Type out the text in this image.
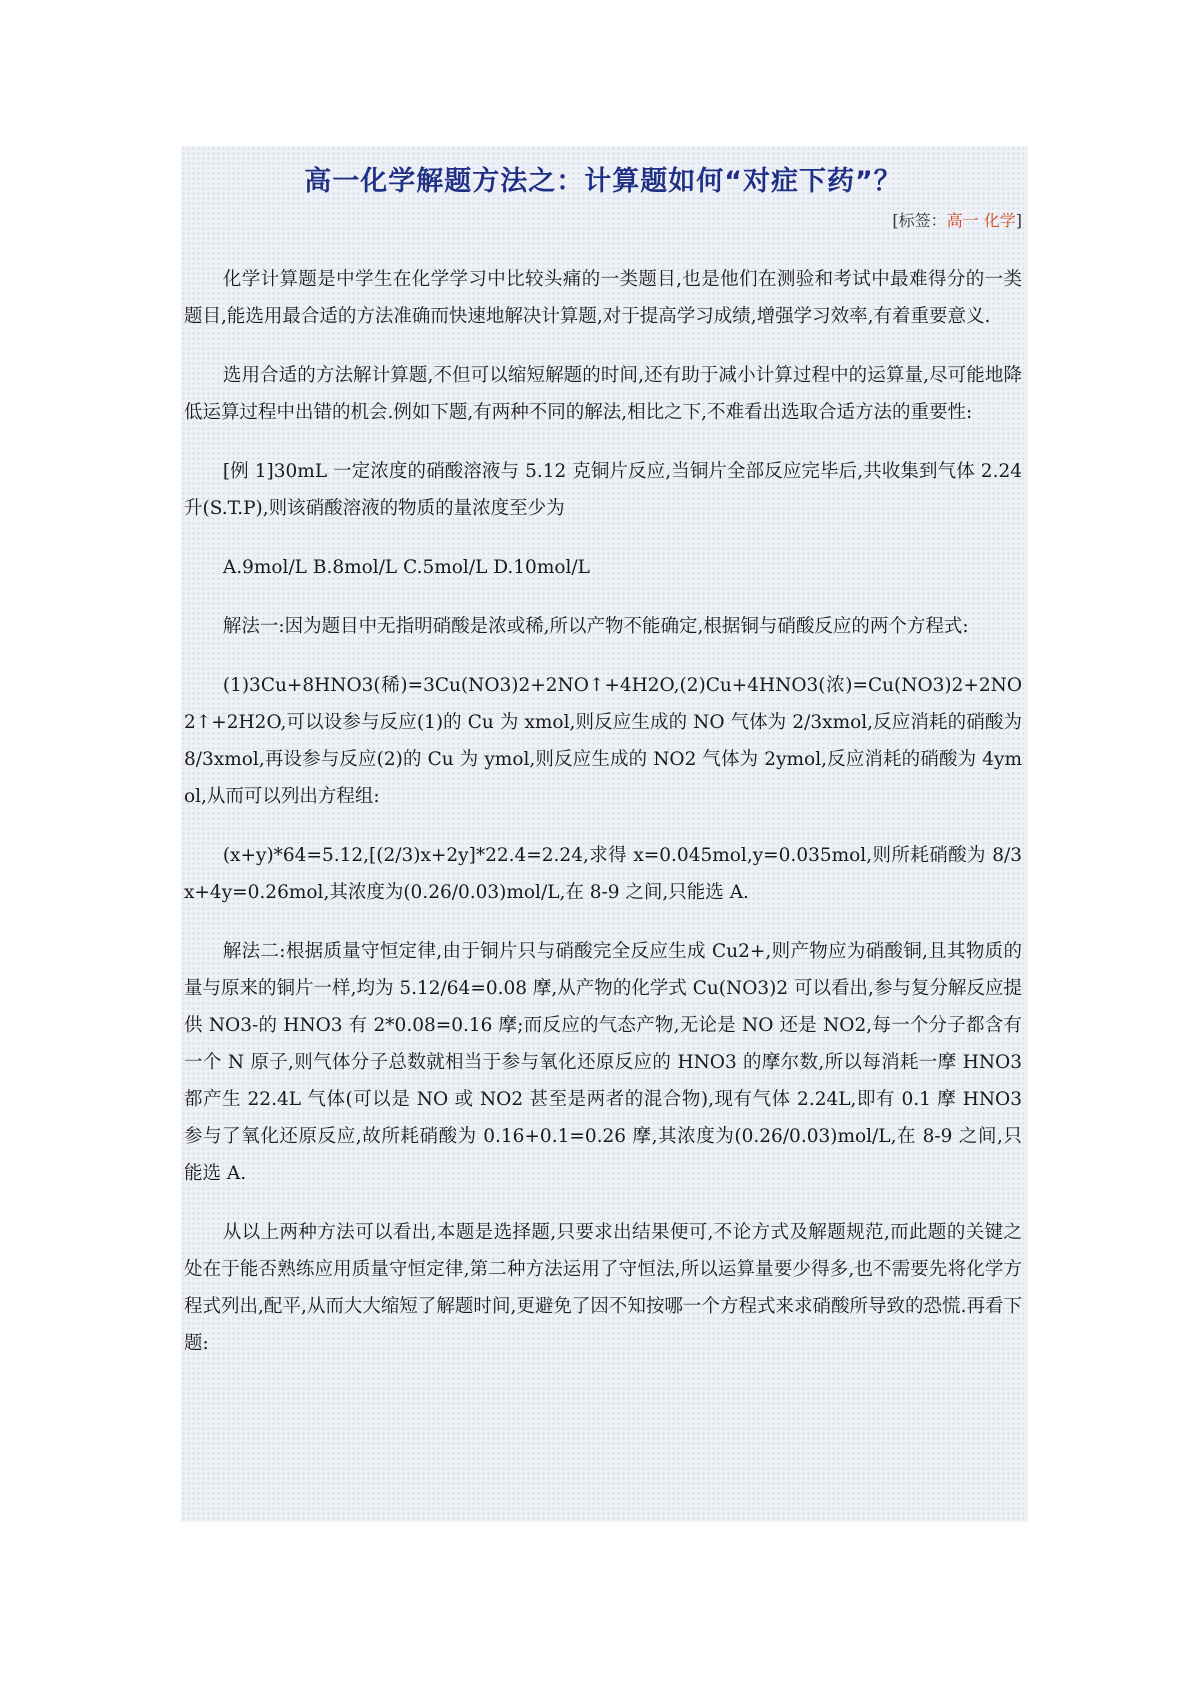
高一化学解题方法之：计算题如何“对症下药”？
[标签：高一 化学]

化学计算题是中学生在化学学习中比较头痛的一类题目,也是他们在测验和考试中最难得分的一类题目,能选用最合适的方法准确而快速地解决计算题,对于提高学习成绩,增强学习效率,有着重要意义.

选用合适的方法解计算题,不但可以缩短解题的时间,还有助于减小计算过程中的运算量,尽可能地降低运算过程中出错的机会.例如下题,有两种不同的解法,相比之下,不难看出选取合适方法的重要性:

[例 1]30mL 一定浓度的硝酸溶液与 5.12 克铜片反应,当铜片全部反应完毕后,共收集到气体 2.24 升(S.T.P),则该硝酸溶液的物质的量浓度至少为

A.9mol/L B.8mol/L C.5mol/L D.10mol/L

解法一:因为题目中无指明硝酸是浓或稀,所以产物不能确定,根据铜与硝酸反应的两个方程式:

(1)3Cu+8HNO3(稀)=3Cu(NO3)2+2NO↑+4H2O,(2)Cu+4HNO3(浓)=Cu(NO3)2+2NO2↑+2H2O,可以设参与反应(1)的 Cu 为 xmol,则反应生成的 NO 气体为 2/3xmol,反应消耗的硝酸为 8/3xmol,再设参与反应(2)的 Cu 为 ymol,则反应生成的 NO2 气体为 2ymol,反应消耗的硝酸为 4ymol,从而可以列出方程组:

(x+y)*64=5.12,[(2/3)x+2y]*22.4=2.24,求得 x=0.045mol,y=0.035mol,则所耗硝酸为 8/3x+4y=0.26mol,其浓度为(0.26/0.03)mol/L,在 8-9 之间,只能选 A.

解法二:根据质量守恒定律,由于铜片只与硝酸完全反应生成 Cu2+,则产物应为硝酸铜,且其物质的量与原来的铜片一样,均为 5.12/64=0.08 摩,从产物的化学式 Cu(NO3)2 可以看出,参与复分解反应提供 NO3-的 HNO3 有 2*0.08=0.16 摩;而反应的气态产物,无论是 NO 还是 NO2,每一个分子都含有一个 N 原子,则气体分子总数就相当于参与氧化还原反应的 HNO3 的摩尔数,所以每消耗一摩 HNO3 都产生 22.4L 气体(可以是 NO 或 NO2 甚至是两者的混合物),现有气体 2.24L,即有 0.1 摩 HNO3 参与了氧化还原反应,故所耗硝酸为 0.16+0.1=0.26 摩,其浓度为(0.26/0.03)mol/L,在 8-9 之间,只能选 A.

从以上两种方法可以看出,本题是选择题,只要求出结果便可,不论方式及解题规范,而此题的关键之处在于能否熟练应用质量守恒定律,第二种方法运用了守恒法,所以运算量要少得多,也不需要先将化学方程式列出,配平,从而大大缩短了解题时间,更避免了因不知按哪一个方程式来求硝酸所导致的恐慌.再看下题:
